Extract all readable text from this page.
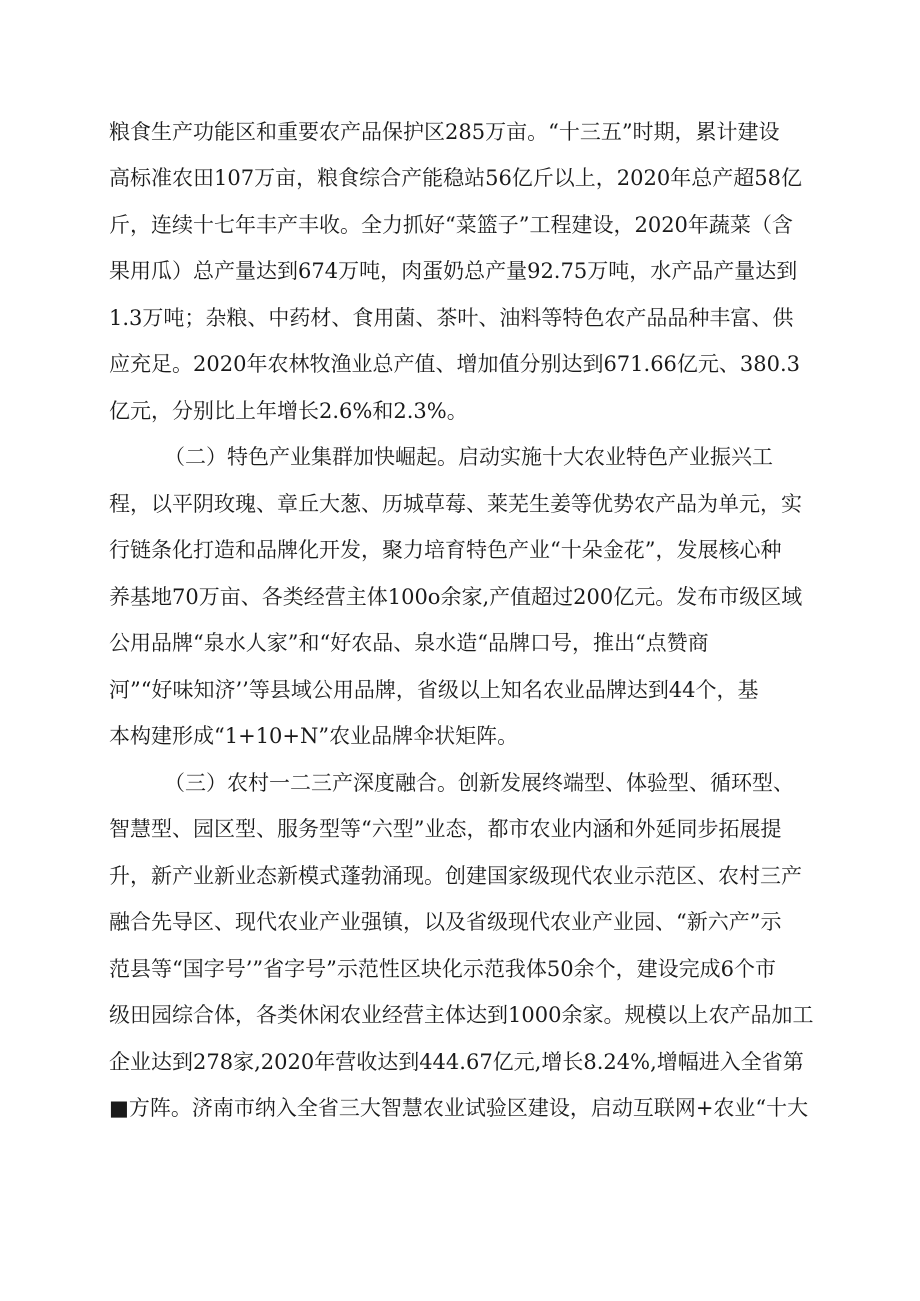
粮食生产功能区和重要农产品保护区285万亩。“十三五”时期，累计建设
高标准农田107万亩，粮食综合产能稳站56亿斤以上，2020年总产超58亿
斤，连续十七年丰产丰收。全力抓好“菜篮子”工程建设，2020年蔬菜（含
果用瓜）总产量达到674万吨，肉蛋奶总产量92.75万吨，水产品产量达到
1.3万吨；杂粮、中药材、食用菌、茶叶、油料等特色农产品品种丰富、供
应充足。2020年农林牧渔业总产值、增加值分别达到671.66亿元、380.3
亿元，分别比上年增长2.6%和2.3%。
（二）特色产业集群加快崛起。启动实施十大农业特色产业振兴工
程，以平阴玫瑰、章丘大葱、历城草莓、莱芜生姜等优势农产品为单元，实
行链条化打造和品牌化开发，聚力培育特色产业“十朵金花”，发展核心种
养基地70万亩、各类经营主体100o余家,产值超过200亿元。发布市级区域
公用品牌“泉水人家”和“好农品、泉水造“品牌口号，推出“点赞商
河”“好味知济’’等县域公用品牌，省级以上知名农业品牌达到44个，基
本构建形成“1+10+N”农业品牌伞状矩阵。
（三）农村一二三产深度融合。创新发展终端型、体验型、循环型、
智慧型、园区型、服务型等“六型”业态，都市农业内涵和外延同步拓展提
升，新产业新业态新模式蓬勃涌现。创建国家级现代农业示范区、农村三产
融合先导区、现代农业产业强镇，以及省级现代农业产业园、“新六产”示
范县等“国字号’”省字号”示范性区块化示范我体50余个，建设完成6个市
级田园综合体，各类休闲农业经营主体达到1000余家。规模以上农产品加工
企业达到278家,2020年营收达到444.67亿元,增长8.24%,增幅进入全省第
■方阵。济南市纳入全省三大智慧农业试验区建设，启动互联网+农业“十大
